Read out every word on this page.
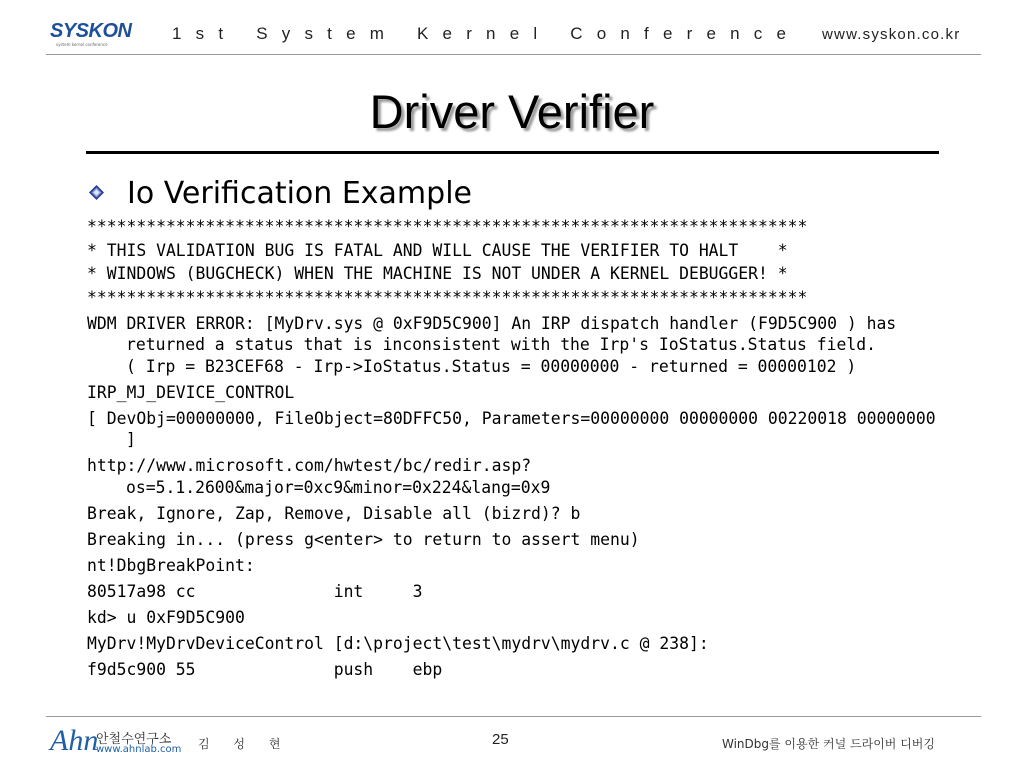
SYSKON
system kernel conference
1st System Kernel Conference www.syskon.co.kr
Driver Verifier
Io Verification Example

*************************************************************************

* THIS VALIDATION BUG IS FATAL AND WILL CAUSE THE VERIFIER TO HALT    *

* WINDOWS (BUGCHECK) WHEN THE MACHINE IS NOT UNDER A KERNEL DEBUGGER! *

*************************************************************************

WDM DRIVER ERROR: [MyDrv.sys @ 0xF9D5C900] An IRP dispatch handler (F9D5C900 ) has returned a status that is inconsistent with the Irp's IoStatus.Status field.
( Irp = B23CEF68 - Irp->IoStatus.Status = 00000000 - returned = 00000102 )

IRP_MJ_DEVICE_CONTROL

[ DevObj=00000000, FileObject=80DFFC50, Parameters=00000000 00000000 00220018 00000000 ]

http://www.microsoft.com/hwtest/bc/redir.asp?os=5.1.2600&major=0xc9&minor=0x224&lang=0x9

Break, Ignore, Zap, Remove, Disable all (bizrd)? b

Breaking in... (press g<enter> to return to assert menu)

nt!DbgBreakPoint:

80517a98 cc              int     3

kd> u 0xF9D5C900

MyDrv!MyDrvDeviceControl [d:\project\test\mydrv\mydrv.c @ 238]:

f9d5c900 55              push    ebp

Ahn
안철수연구소
www.ahnlab.com 김 성 현	25	WinDbg를 이용한 커널 드라이버 디버깅
